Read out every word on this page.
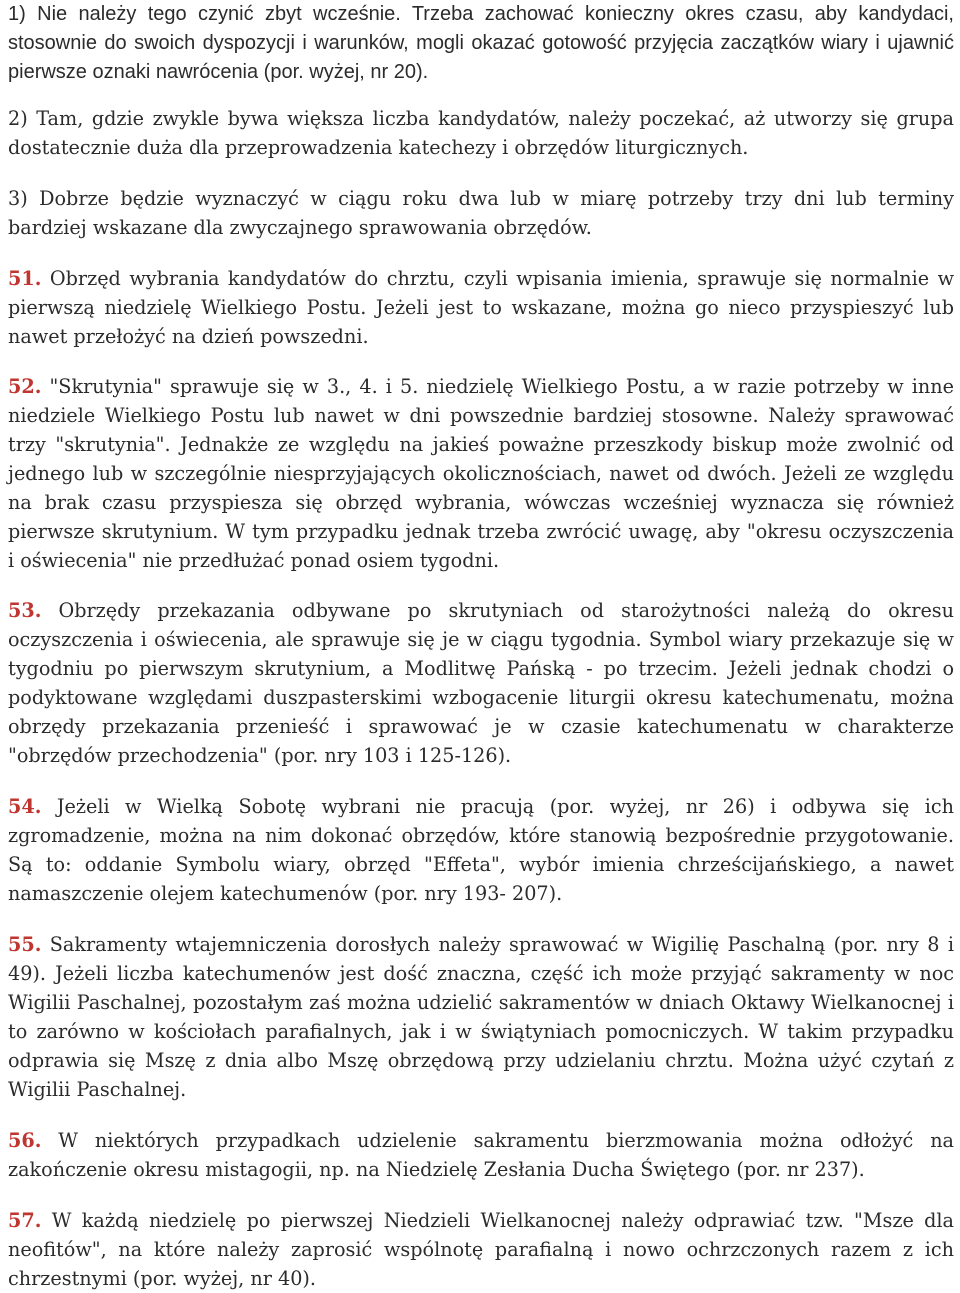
1) Nie należy tego czynić zbyt wcześnie. Trzeba zachować konieczny okres czasu, aby kandydaci, stosownie do swoich dyspozycji i warunków, mogli okazać gotowość przyjęcia zaczątków wiary i ujawnić pierwsze oznaki nawrócenia (por. wyżej, nr 20).

2) Tam, gdzie zwykle bywa większa liczba kandydatów, należy poczekać, aż utworzy się grupa dostatecznie duża dla przeprowadzenia katechezy i obrzędów liturgicznych.

3) Dobrze będzie wyznaczyć w ciągu roku dwa lub w miarę potrzeby trzy dni lub terminy bardziej wskazane dla zwyczajnego sprawowania obrzędów.

51. Obrzęd wybrania kandydatów do chrztu, czyli wpisania imienia, sprawuje się normalnie w pierwszą niedzielę Wielkiego Postu. Jeżeli jest to wskazane, można go nieco przyspieszyć lub nawet przełożyć na dzień powszedni.

52. "Skrutynia" sprawuje się w 3., 4. i 5. niedzielę Wielkiego Postu, a w razie potrzeby w inne niedziele Wielkiego Postu lub nawet w dni powszednie bardziej stosowne. Należy sprawować trzy "skrutynia". Jednakże ze względu na jakieś poważne przeszkody biskup może zwolnić od jednego lub w szczególnie niesprzyjających okolicznościach, nawet od dwóch. Jeżeli ze względu na brak czasu przyspiesza się obrzęd wybrania, wówczas wcześniej wyznacza się również pierwsze skrutynium. W tym przypadku jednak trzeba zwrócić uwagę, aby "okresu oczyszczenia i oświecenia" nie przedłużać ponad osiem tygodni.

53. Obrzędy przekazania odbywane po skrutyniach od starożytności należą do okresu oczyszczenia i oświecenia, ale sprawuje się je w ciągu tygodnia. Symbol wiary przekazuje się w tygodniu po pierwszym skrutynium, a Modlitwę Pańską - po trzecim. Jeżeli jednak chodzi o podyktowane względami duszpasterskimi wzbogacenie liturgii okresu katechumenatu, można obrzędy przekazania przenieść i sprawować je w czasie katechumenatu w charakterze "obrzędów przechodzenia" (por. nry 103 i 125-126).

54. Jeżeli w Wielką Sobotę wybrani nie pracują (por. wyżej, nr 26) i odbywa się ich zgromadzenie, można na nim dokonać obrzędów, które stanowią bezpośrednie przygotowanie. Są to: oddanie Symbolu wiary, obrzęd "Effeta", wybór imienia chrześcijańskiego, a nawet namaszczenie olejem katechumenów (por. nry 193- 207).

55. Sakramenty wtajemniczenia dorosłych należy sprawować w Wigilię Paschalną (por. nry 8 i 49). Jeżeli liczba katechumenów jest dość znaczna, część ich może przyjąć sakramenty w noc Wigilii Paschalnej, pozostałym zaś można udzielić sakramentów w dniach Oktawy Wielkanocnej i to zarówno w kościołach parafialnych, jak i w świątyniach pomocniczych. W takim przypadku odprawia się Mszę z dnia albo Mszę obrzędową przy udzielaniu chrztu. Można użyć czytań z Wigilii Paschalnej.

56. W niektórych przypadkach udzielenie sakramentu bierzmowania można odłożyć na zakończenie okresu mistagogii, np. na Niedzielę Zesłania Ducha Świętego (por. nr 237).

57. W każdą niedzielę po pierwszej Niedzieli Wielkanocnej należy odprawiać tzw. "Msze dla neofitów", na które należy zaprosić wspólnotę parafialną i nowo ochrzczonych razem z ich chrzestnymi (por. wyżej, nr 40).
